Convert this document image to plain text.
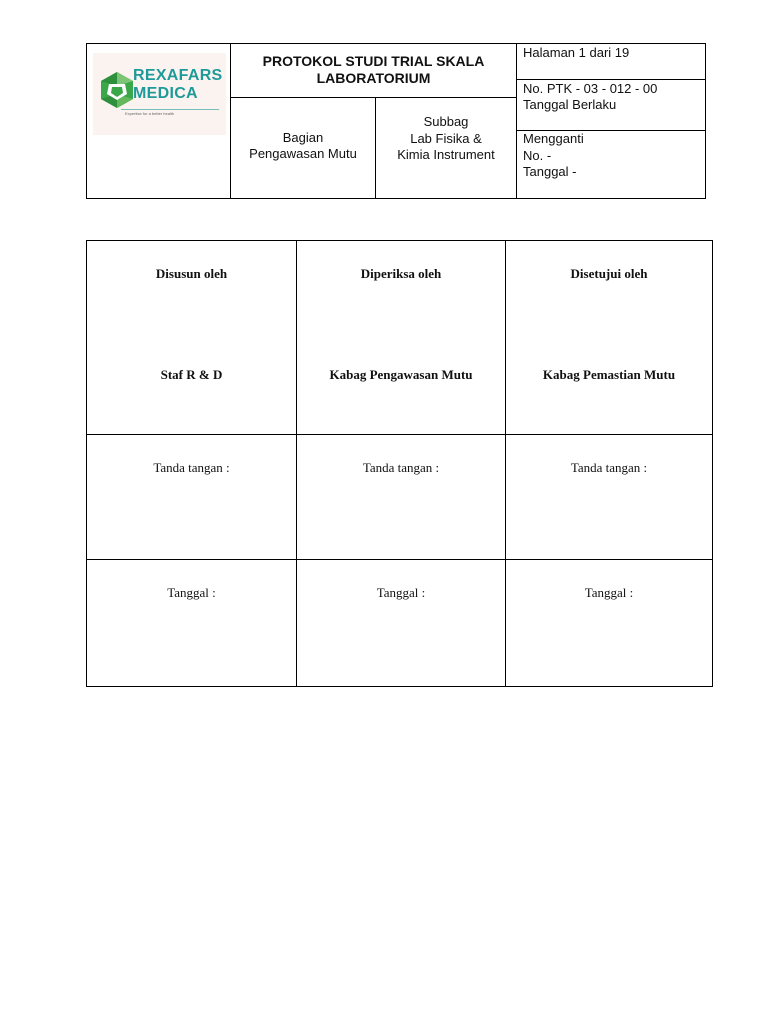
REXAFARS
MEDICA
Expertise for a better health
PROTOKOL STUDI TRIAL SKALA
LABORATORIUM
Bagian
Pengawasan Mutu
Subbag
Lab Fisika &
Kimia Instrument
Halaman 1 dari 19
No. PTK - 03 - 012 - 00
Tanggal Berlaku
Mengganti
No. -
Tanggal -
Disusun oleh
Staf R & D
Tanda tangan :
Tanggal :
Diperiksa oleh
Kabag Pengawasan Mutu
Tanda tangan :
Tanggal :
Disetujui oleh
Kabag Pemastian Mutu
Tanda tangan :
Tanggal :
